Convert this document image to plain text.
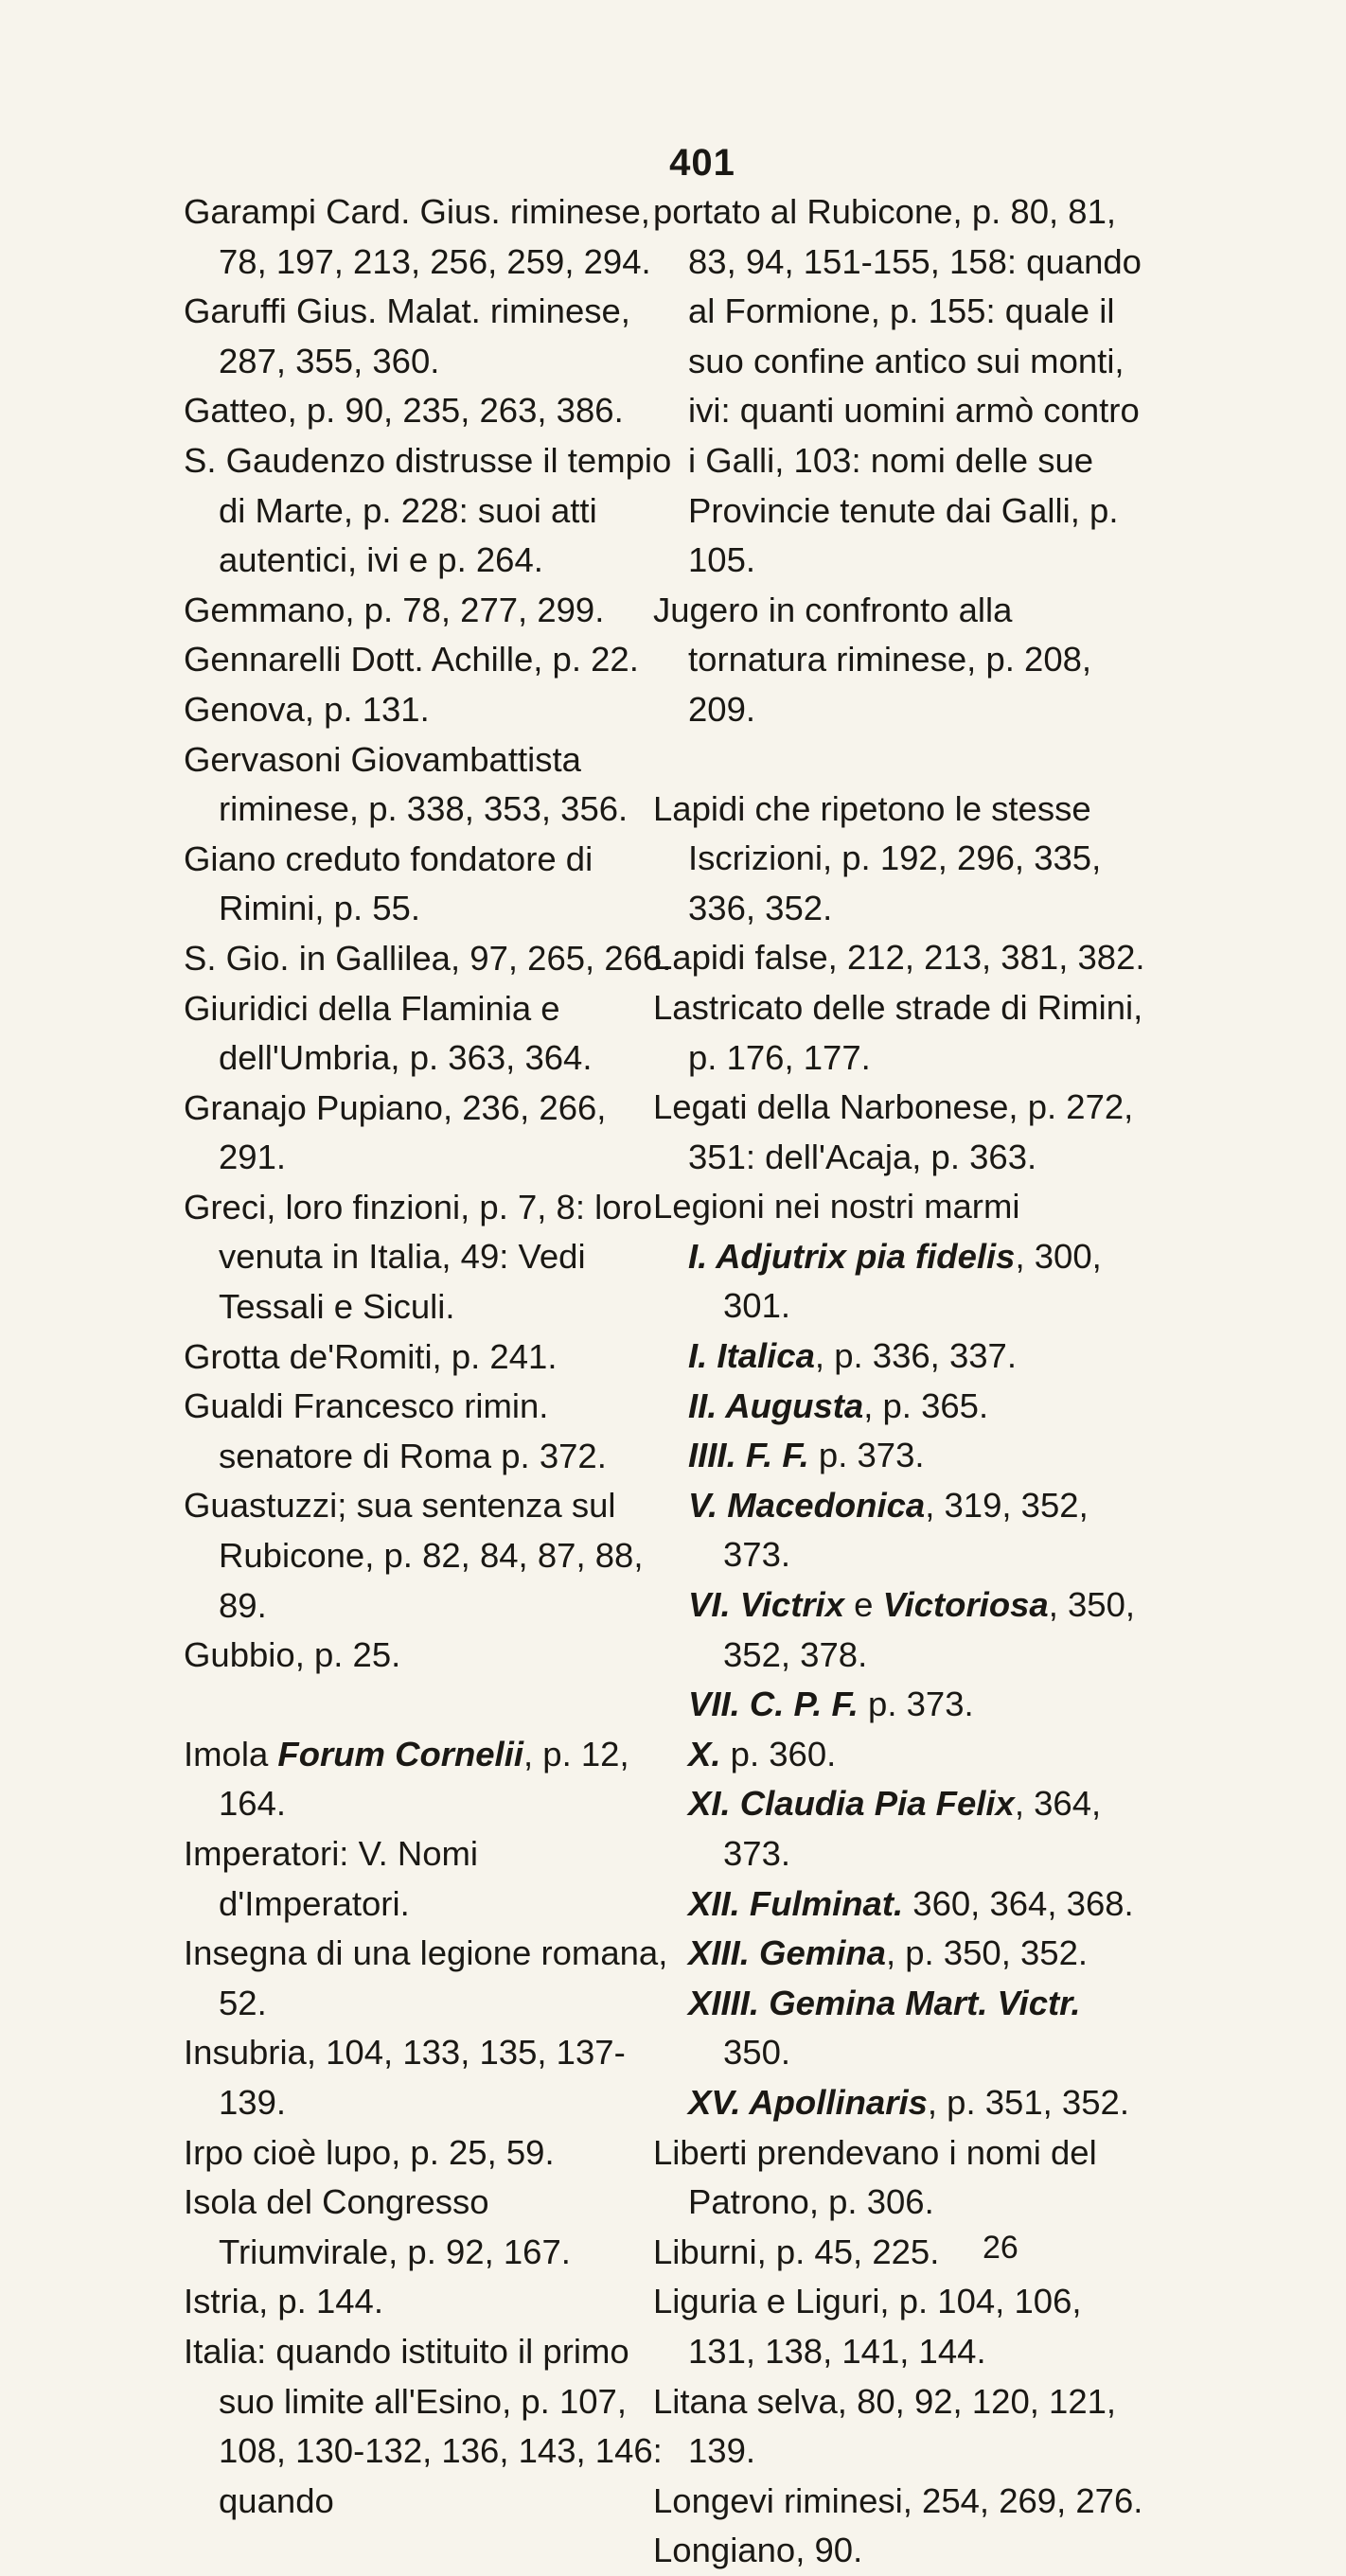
401
Garampi Card. Gius. riminese, 78, 197, 213, 256, 259, 294.
Garuffi Gius. Malat. riminese, 287, 355, 360.
Gatteo, p. 90, 235, 263, 386.
S. Gaudenzo distrusse il tempio di Marte, p. 228: suoi atti autentici, ivi e p. 264.
Gemmano, p. 78, 277, 299.
Gennarelli Dott. Achille, p. 22.
Genova, p. 131.
Gervasoni Giovambattista riminese, p. 338, 353, 356.
Giano creduto fondatore di Rimini, p. 55.
S. Gio. in Gallilea, 97, 265, 266.
Giuridici della Flaminia e dell'Umbria, p. 363, 364.
Granajo Pupiano, 236, 266, 291.
Greci, loro finzioni, p. 7, 8: loro venuta in Italia, 49: Vedi Tessali e Siculi.
Grotta de'Romiti, p. 241.
Gualdi Francesco rimin. senatore di Roma p. 372.
Guastuzzi; sua sentenza sul Rubicone, p. 82, 84, 87, 88, 89.
Gubbio, p. 25.
Imola Forum Cornelii, p. 12, 164.
Imperatori: V. Nomi d'Imperatori.
Insegna di una legione romana, 52.
Insubria, 104, 133, 135, 137-139.
Irpo cioè lupo, p. 25, 59.
Isola del Congresso Triumvirale, p. 92, 167.
Istria, p. 144.
Italia: quando istituito il primo suo limite all'Esino, p. 107, 108, 130-132, 136, 143, 146: quando
portato al Rubicone, p. 80, 81, 83, 94, 151-155, 158: quando al Formione, p. 155: quale il suo confine antico sui monti, ivi: quanti uomini armò contro i Galli, 103: nomi delle sue Provincie tenute dai Galli, p. 105.
Jugero in confronto alla tornatura riminese, p. 208, 209.
Lapidi che ripetono le stesse Iscrizioni, p. 192, 296, 335, 336, 352.
Lapidi false, 212, 213, 381, 382.
Lastricato delle strade di Rimini, p. 176, 177.
Legati della Narbonese, p. 272, 351: dell'Acaja, p. 363.
Legioni nei nostri marmi
I. Adjutrix pia fidelis, 300, 301.
I. Italica, p. 336, 337.
II. Augusta, p. 365.
IIII. F. F. p. 373.
V. Macedonica, 319, 352, 373.
VI. Victrix e Victoriosa, 350, 352, 378.
VII. C. P. F. p. 373.
X. p. 360.
XI. Claudia Pia Felix, 364, 373.
XII. Fulminat. 360, 364, 368.
XIII. Gemina, p. 350, 352.
XIIII. Gemina Mart. Victr. 350.
XV. Apollinaris, p. 351, 352.
Liberti prendevano i nomi del Patrono, p. 306.
Liburni, p. 45, 225.
Liguria e Liguri, p. 104, 106, 131, 138, 141, 144.
Litana selva, 80, 92, 120, 121, 139.
Longevi riminesi, 254, 269, 276.
Longiano, 90.
26
